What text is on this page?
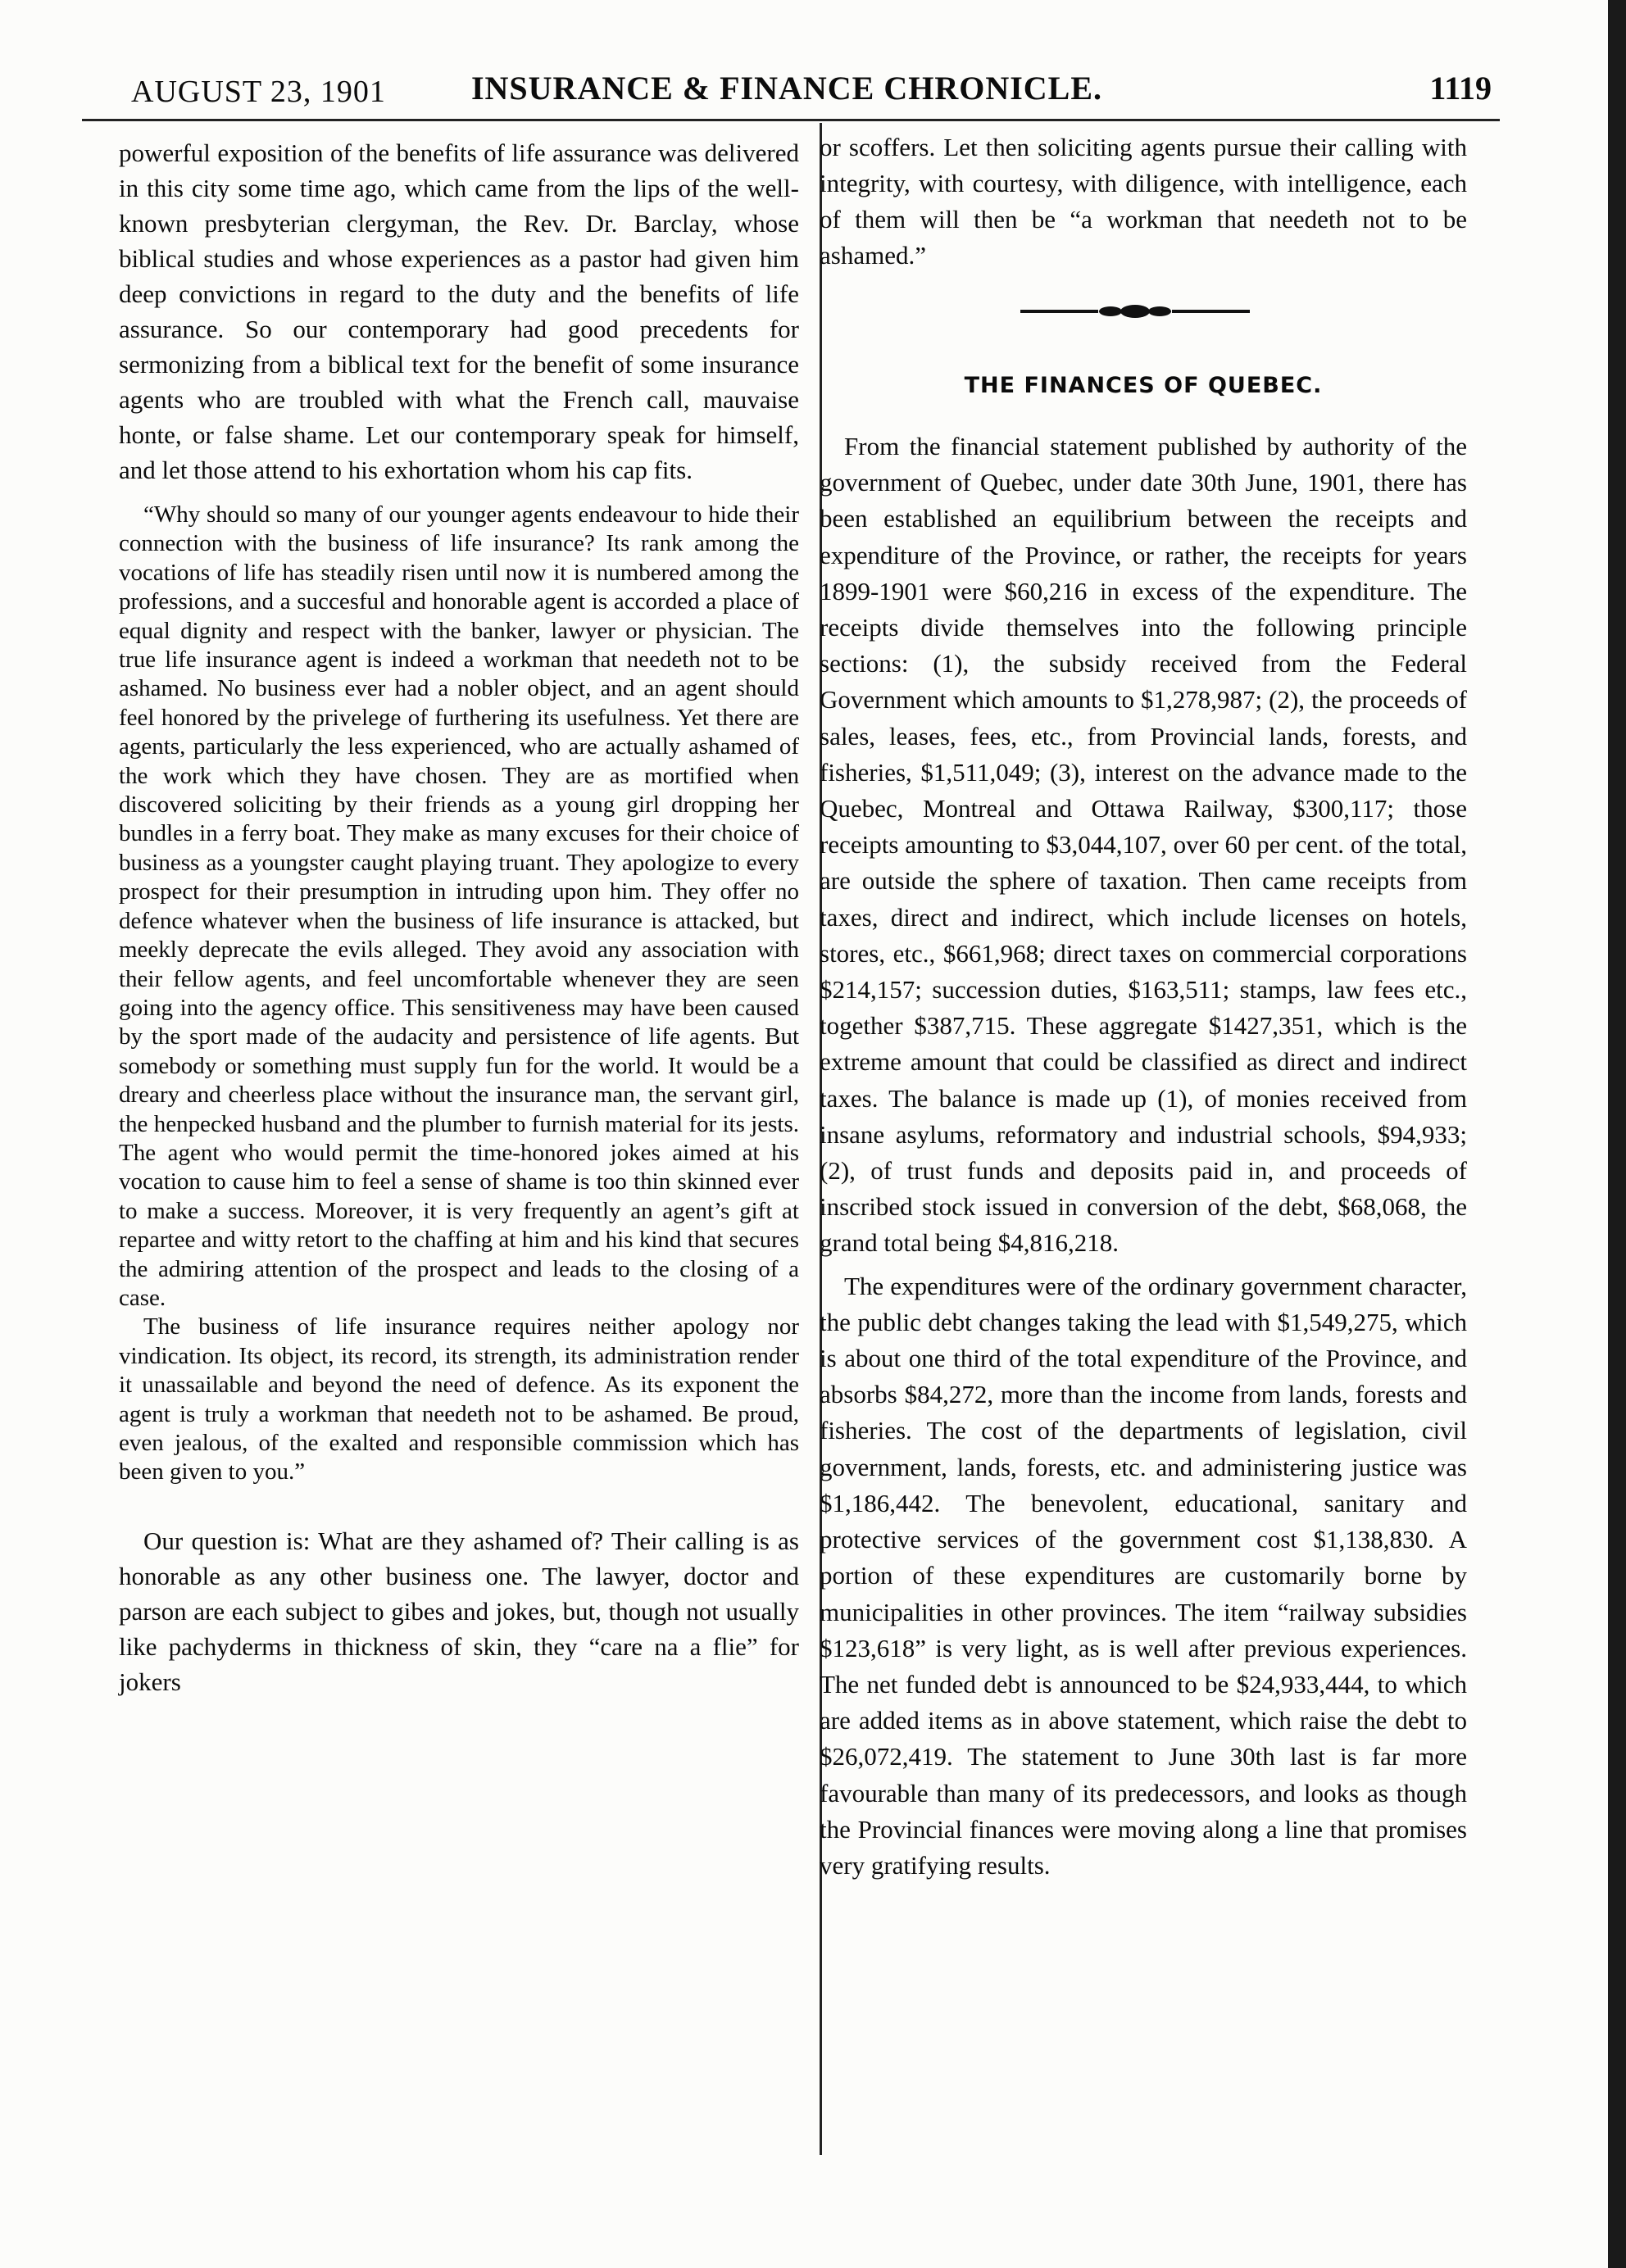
AUGUST 23, 1901	INSURANCE & FINANCE CHRONICLE.	1119

powerful exposition of the benefits of life assurance was delivered in this city some time ago, which came from the lips of the well-known presbyterian clergyman, the Rev. Dr. Barclay, whose biblical studies and whose experiences as a pastor had given him deep convictions in regard to the duty and the benefits of life assurance. So our contemporary had good precedents for sermonizing from a biblical text for the benefit of some insurance agents who are troubled with what the French call, mauvaise honte, or false shame. Let our contemporary speak for himself, and let those attend to his exhortation whom his cap fits.

“Why should so many of our younger agents endeavour to hide their connection with the business of life insurance? Its rank among the vocations of life has steadily risen until now it is numbered among the professions, and a succesful and honorable agent is accorded a place of equal dignity and respect with the banker, lawyer or physician. The true life insurance agent is indeed a workman that needeth not to be ashamed. No business ever had a nobler object, and an agent should feel honored by the privelege of furthering its usefulness. Yet there are agents, particularly the less experienced, who are actually ashamed of the work which they have chosen. They are as mortified when discovered soliciting by their friends as a young girl dropping her bundles in a ferry boat. They make as many excuses for their choice of business as a youngster caught playing truant. They apologize to every prospect for their presumption in intruding upon him. They offer no defence whatever when the business of life insurance is attacked, but meekly deprecate the evils alleged. They avoid any association with their fellow agents, and feel uncomfortable whenever they are seen going into the agency office. This sensitiveness may have been caused by the sport made of the audacity and persistence of life agents. But somebody or something must supply fun for the world. It would be a dreary and cheerless place without the insurance man, the servant girl, the henpecked husband and the plumber to furnish material for its jests. The agent who would permit the time-honored jokes aimed at his vocation to cause him to feel a sense of shame is too thin skinned ever to make a success. Moreover, it is very frequently an agent’s gift at repartee and witty retort to the chaffing at him and his kind that secures the admiring attention of the prospect and leads to the closing of a case.

The business of life insurance requires neither apology nor vindication. Its object, its record, its strength, its administration render it unassailable and beyond the need of defence. As its exponent the agent is truly a workman that needeth not to be ashamed. Be proud, even jealous, of the exalted and responsible commission which has been given to you.”

Our question is: What are they ashamed of? Their calling is as honorable as any other business one. The lawyer, doctor and parson are each subject to gibes and jokes, but, though not usually like pachyderms in thickness of skin, they “care na a flie” for jokers

or scoffers. Let then soliciting agents pursue their calling with integrity, with courtesy, with diligence, with intelligence, each of them will then be “a workman that needeth not to be ashamed.”

From the financial statement published by authority of the government of Quebec, under date 30th June, 1901, there has been established an equilibrium between the receipts and expenditure of the Province, or rather, the receipts for years 1899-1901 were $60,216 in excess of the expenditure. The receipts divide themselves into the following principle sections: (1), the subsidy received from the Federal Government which amounts to $1,278,987; (2), the proceeds of sales, leases, fees, etc., from Provincial lands, forests, and fisheries, $1,511,049; (3), interest on the advance made to the Quebec, Montreal and Ottawa Railway, $300,117; those receipts amounting to $3,044,107, over 60 per cent. of the total, are outside the sphere of taxation. Then came receipts from taxes, direct and indirect, which include licenses on hotels, stores, etc., $661,968; direct taxes on commercial corporations $214,157; succession duties, $163,511; stamps, law fees etc., together $387,715. These aggregate $1427,351, which is the extreme amount that could be classified as direct and indirect taxes. The balance is made up (1), of monies received from insane asylums, reformatory and industrial schools, $94,933; (2), of trust funds and deposits paid in, and proceeds of inscribed stock issued in conversion of the debt, $68,068, the grand total being $4,816,218.

The expenditures were of the ordinary government character, the public debt changes taking the lead with $1,549,275, which is about one third of the total expenditure of the Province, and absorbs $84,272, more than the income from lands, forests and fisheries. The cost of the departments of legislation, civil government, lands, forests, etc. and administering justice was $1,186,442. The benevolent, educational, sanitary and protective services of the government cost $1,138,830. A portion of these expenditures are customarily borne by municipalities in other provinces. The item “railway subsidies $123,618” is very light, as is well after previous experiences. The net funded debt is announced to be $24,933,444, to which are added items as in above statement, which raise the debt to $26,072,419. The statement to June 30th last is far more favourable than many of its predecessors, and looks as though the Provincial finances were moving along a line that promises very gratifying results.

THE FINANCES OF QUEBEC.
